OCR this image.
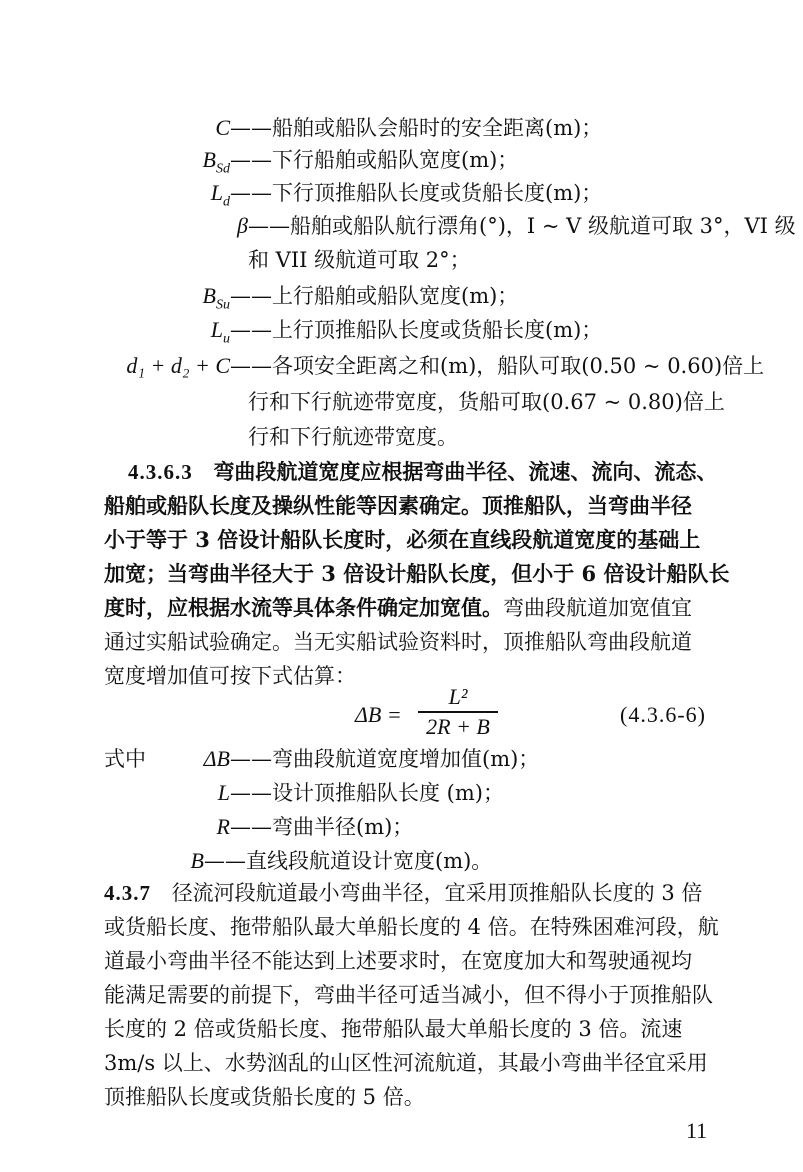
C ——船舶或船队会船时的安全距离(m)；
$B_{Sd}$ ——下行船舶或船队宽度(m)；
$L_d$ ——下行顶推船队长度或货船长度(m)；
β ——船舶或船队航行漂角(°)，I ~ V 级航道可取 3°，VI 级
和 VII 级航道可取 2°；
$B_{Su}$ ——上行船舶或船队宽度(m)；
$L_u$ ——上行顶推船队长度或货船长度(m)；
d₁ + d₂ + C ——各项安全距离之和(m)，船队可取(0.50 ~ 0.60)倍上
行和下行航迹带宽度，货船可取(0.67 ~ 0.80)倍上
行和下行航迹带宽度。
4.3.6.3 弯曲段航道宽度应根据弯曲半径、流速、流向、流态、
船舶或船队长度及操纵性能等因素确定。顶推船队，当弯曲半径
小于等于 3 倍设计船队长度时，必须在直线段航道宽度的基础上
加宽；当弯曲半径大于 3 倍设计船队长度，但小于 6 倍设计船队长
度时，应根据水流等具体条件确定加宽值。弯曲段航道加宽值宜
通过实船试验确定。当无实船试验资料时，顶推船队弯曲段航道
宽度增加值可按下式估算：
ΔB =
L²
2R + B	(4.3.6-6)
式中	ΔB ——弯曲段航道宽度增加值(m)；
L ——设计顶推船队长度 (m)；
R ——弯曲半径(m)；
B ——直线段航道设计宽度(m)。
4.3.7 径流河段航道最小弯曲半径，宜采用顶推船队长度的 3 倍
或货船长度、拖带船队最大单船长度的 4 倍。在特殊困难河段，航
道最小弯曲半径不能达到上述要求时，在宽度加大和驾驶通视均
能满足需要的前提下，弯曲半径可适当减小，但不得小于顶推船队
长度的 2 倍或货船长度、拖带船队最大单船长度的 3 倍。流速
3m/s 以上、水势汹乱的山区性河流航道，其最小弯曲半径宜采用
顶推船队长度或货船长度的 5 倍。
11
